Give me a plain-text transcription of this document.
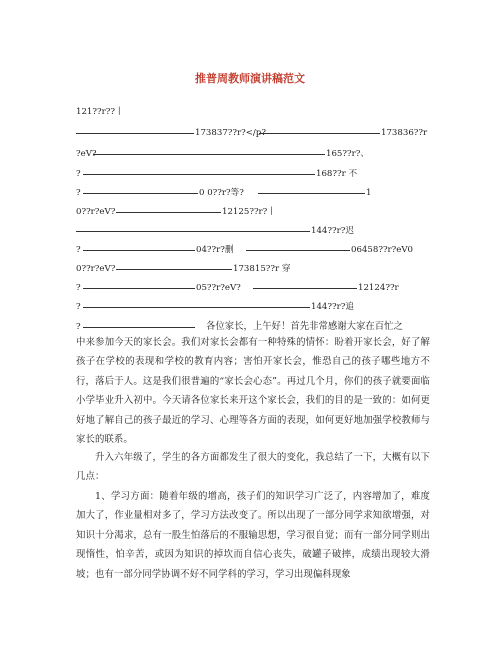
推普周教师演讲稿范文
121??r??丨
173837??r?</p?	173836??r
?eV?	165??r?、
?	168??r 不
?	0 0??r?等?	1
0??r?eV?	12125??r?丨
144??r?迟
?	04??r?删	06458??r?eV0
0??r?eV?	173815??r 穿
?	05??r?eV?	12124??r
?	144??r?追
?	各位家长，上午好！首先非常感谢大家在百忙之
中来参加今天的家长会。我们对家长会都有一种特殊的情怀：盼着开家长会，好了解孩子在学校的表现和学校的教育内容；害怕开家长会，惟恐自己的孩子哪些地方不行，落后于人。这是我们很普遍的“家长会心态”。再过几个月，你们的孩子就要面临小学毕业升入初中。今天请各位家长来开这个家长会，我们的目的是一致的：如何更好地了解自己的孩子最近的学习、心理等各方面的表现，如何更好地加强学校教师与家长的联系。
升入六年级了，学生的各方面都发生了很大的变化，我总结了一下，大概有以下几点：
1、学习方面：随着年级的增高，孩子们的知识学习广泛了，内容增加了，难度加大了，作业量相对多了，学习方法改变了。所以出现了一部分同学求知欲增强，对知识十分渴求，总有一股生怕落后的不服输思想，学习很自觉；而有一部分同学则出现惰性，怕辛苦，或因为知识的掉坎而自信心丧失，破罐子破摔，成绩出现较大滑坡；也有一部分同学协调不好不同学科的学习，学习出现偏科现象
